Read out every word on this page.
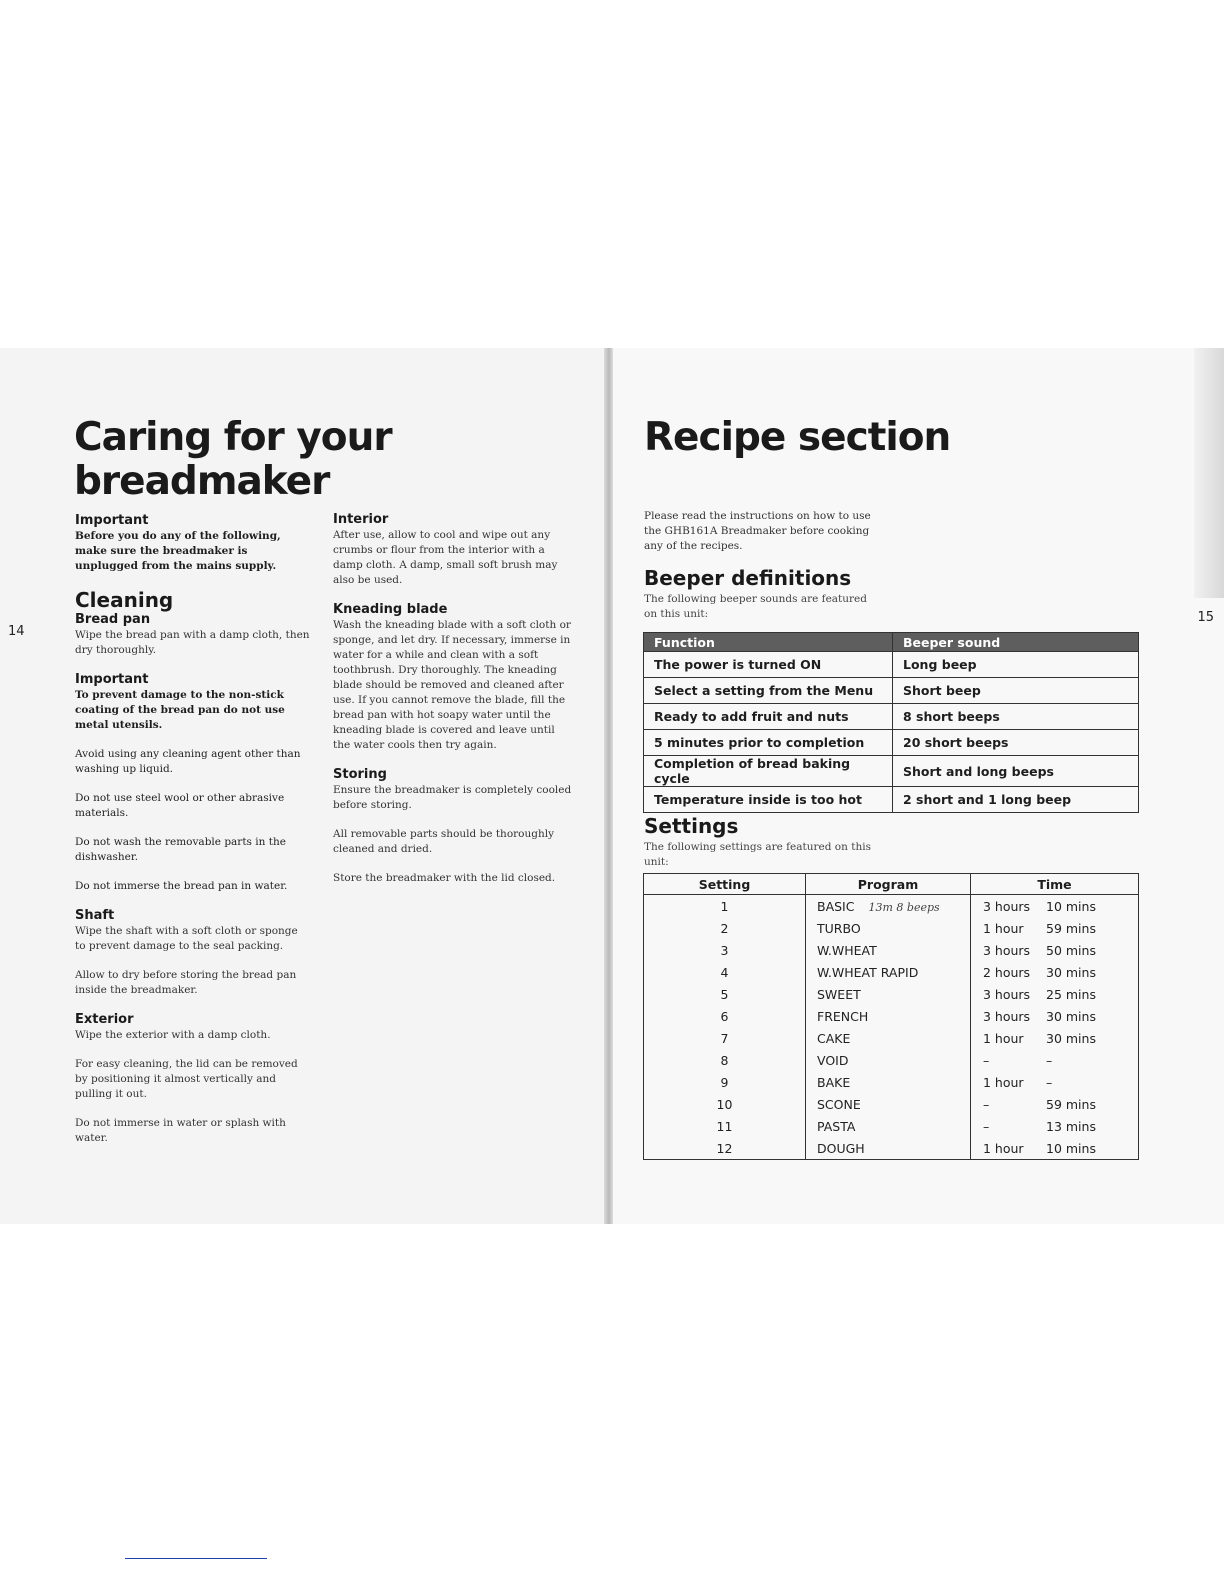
14
15
Caring for your breadmaker

Important

Before you do any of the following, make sure the breadmaker is unplugged from the mains supply.

Cleaning

Bread pan

Wipe the bread pan with a damp cloth, then dry thoroughly.

Important

To prevent damage to the non-stick coating of the bread pan do not use metal utensils.

Avoid using any cleaning agent other than washing up liquid.

Do not use steel wool or other abrasive materials.

Do not wash the removable parts in the dishwasher.

Do not immerse the bread pan in water.

Shaft

Wipe the shaft with a soft cloth or sponge to prevent damage to the seal packing.

Allow to dry before storing the bread pan inside the breadmaker.

Exterior

Wipe the exterior with a damp cloth.

For easy cleaning, the lid can be removed by positioning it almost vertically and pulling it out.

Do not immerse in water or splash with water.

Interior

After use, allow to cool and wipe out any crumbs or flour from the interior with a damp cloth. A damp, small soft brush may also be used.

Kneading blade

Wash the kneading blade with a soft cloth or sponge, and let dry. If necessary, immerse in water for a while and clean with a soft toothbrush. Dry thoroughly. The kneading blade should be removed and cleaned after use. If you cannot remove the blade, fill the bread pan with hot soapy water until the kneading blade is covered and leave until the water cools then try again.

Storing

Ensure the breadmaker is completely cooled before storing.

All removable parts should be thoroughly cleaned and dried.

Store the breadmaker with the lid closed.

Recipe section
Please read the instructions on how to use the GHB161A Breadmaker before cooking any of the recipes.
Beeper definitions
The following beeper sounds are featured on this unit:
Function	Beeper sound
The power is turned ON	Long beep
Select a setting from the Menu	Short beep
Ready to add fruit and nuts	8 short beeps
5 minutes prior to completion	20 short beeps
Completion of bread baking cycle	Short and long beeps
Temperature inside is too hot	2 short and 1 long beep
Settings
The following settings are featured on this unit:
Setting	Program	Time
1	BASIC 13m 8 beeps	3 hours 10 mins
2	TURBO	1 hour 59 mins
3	W.WHEAT	3 hours 50 mins
4	W.WHEAT RAPID	2 hours 30 mins
5	SWEET	3 hours 25 mins
6	FRENCH	3 hours 30 mins
7	CAKE	1 hour 30 mins
8	VOID	– –
9	BAKE	1 hour –
10	SCONE	– 59 mins
11	PASTA	– 13 mins
12	DOUGH	1 hour 10 mins
